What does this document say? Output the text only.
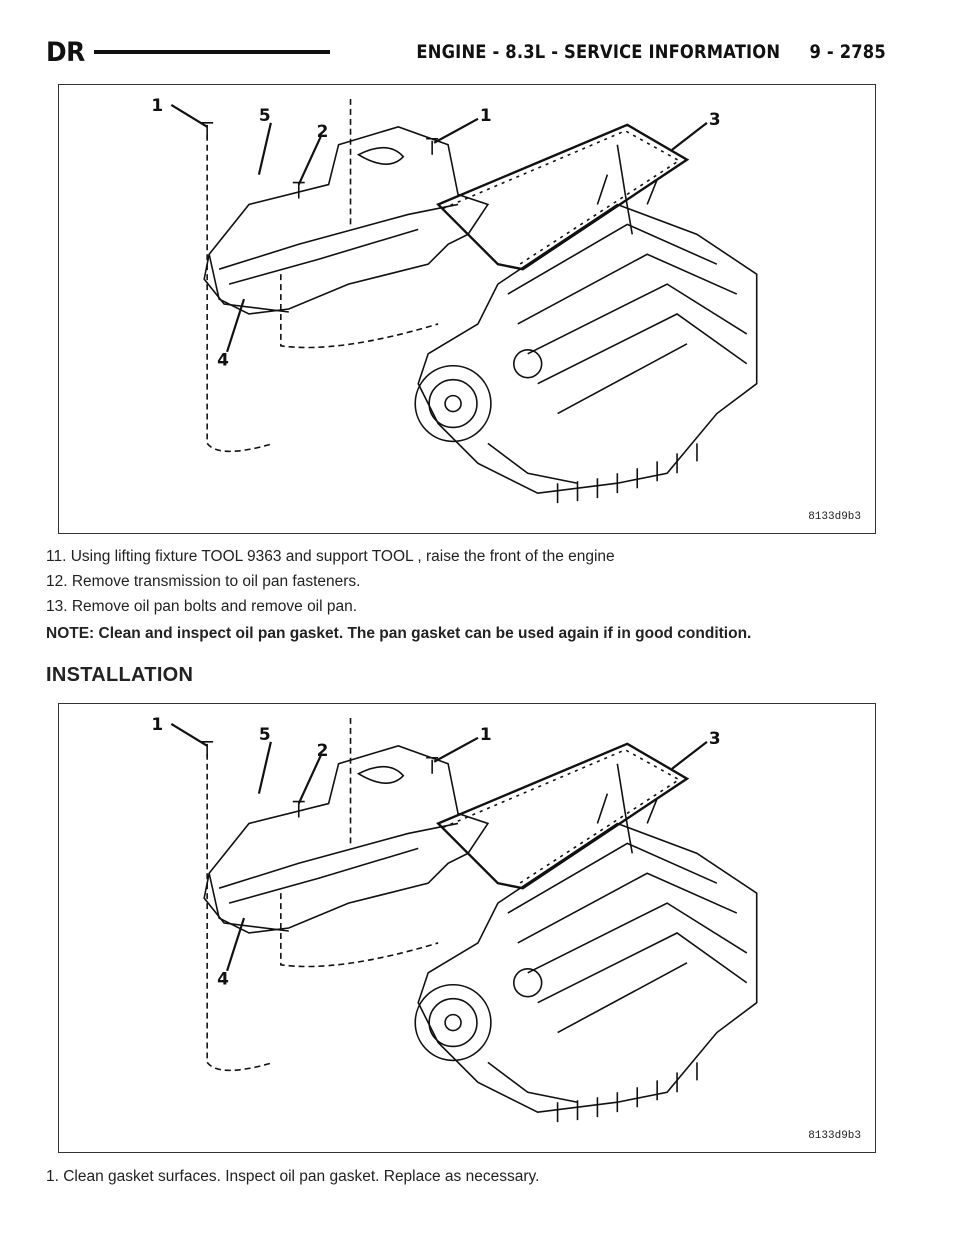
DR	ENGINE - 8.3L - SERVICE INFORMATION     9 - 2785
1	5
2
1	3
4
8133d9b3
11. Using lifting fixture TOOL 9363 and support TOOL , raise the front of the engine
12. Remove transmission to oil pan fasteners.
13. Remove oil pan bolts and remove oil pan.
NOTE: Clean and inspect oil pan gasket. The pan gasket can be used again if in good condition.
INSTALLATION
1	5
2
1	3
4
8133d9b3
1. Clean gasket surfaces. Inspect oil pan gasket. Replace as necessary.
